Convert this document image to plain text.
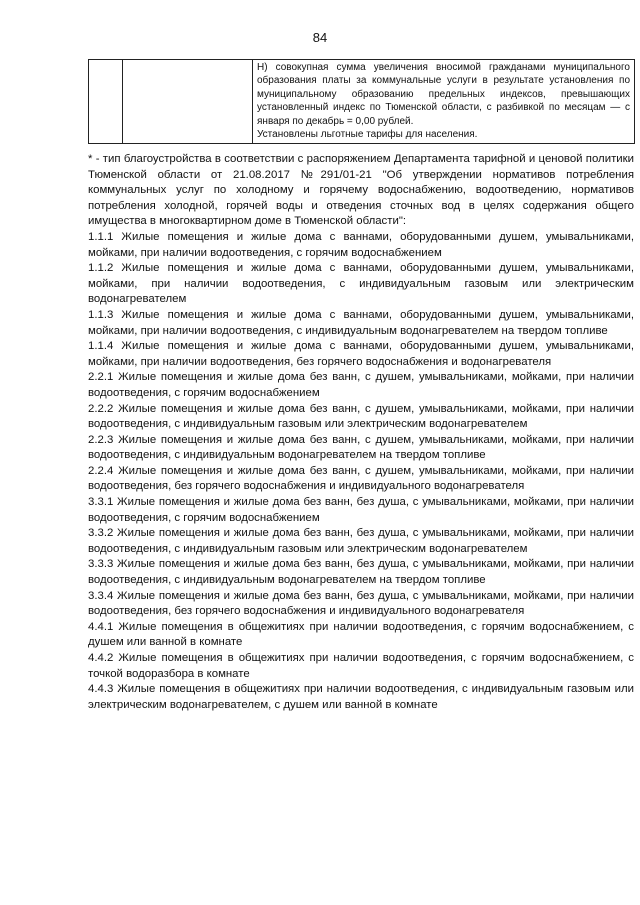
84

Н) совокупная сумма увеличения вносимой гражданами муниципального образования платы за коммунальные услуги в результате установления по муниципальному образованию предельных индексов, превышающих установленный индекс по Тюменской области, с разбивкой по месяцам — с января по декабрь = 0,00 рублей.

Установлены льготные тарифы для населения.

* - тип благоустройства в соответствии с распоряжением Департамента тарифной и ценовой политики Тюменской области от 21.08.2017 №291/01-21 "Об утверждении нормативов потребления коммунальных услуг по холодному и горячему водоснабжению, водоотведению, нормативов потребления холодной, горячей воды и отведения сточных вод в целях содержания общего имущества в многоквартирном доме в Тюменской области":

1.1.1 Жилые помещения и жилые дома с ваннами, оборудованными душем, умывальниками, мойками, при наличии водоотведения, с горячим водоснабжением

1.1.2 Жилые помещения и жилые дома с ваннами, оборудованными душем, умывальниками, мойками, при наличии водоотведения, с индивидуальным газовым или электрическим водонагревателем

1.1.3 Жилые помещения и жилые дома с ваннами, оборудованными душем, умывальниками, мойками, при наличии водоотведения, с индивидуальным водонагревателем на твердом топливе

1.1.4 Жилые помещения и жилые дома с ваннами, оборудованными душем, умывальниками, мойками, при наличии водоотведения, без горячего водоснабжения и водонагревателя

2.2.1 Жилые помещения и жилые дома без ванн, с душем, умывальниками, мойками, при наличии водоотведения, с горячим водоснабжением

2.2.2 Жилые помещения и жилые дома без ванн, с душем, умывальниками, мойками, при наличии водоотведения, с индивидуальным газовым или электрическим водонагревателем

2.2.3 Жилые помещения и жилые дома без ванн, с душем, умывальниками, мойками, при наличии водоотведения, с индивидуальным водонагревателем на твердом топливе

2.2.4 Жилые помещения и жилые дома без ванн, с душем, умывальниками, мойками, при наличии водоотведения, без горячего водоснабжения и индивидуального водонагревателя

3.3.1 Жилые помещения и жилые дома без ванн, без душа, с умывальниками, мойками, при наличии водоотведения, с горячим водоснабжением

3.3.2 Жилые помещения и жилые дома без ванн, без душа, с умывальниками, мойками, при наличии водоотведения, с индивидуальным газовым или электрическим водонагревателем

3.3.3 Жилые помещения и жилые дома без ванн, без душа, с умывальниками, мойками, при наличии водоотведения, с индивидуальным водонагревателем на твердом топливе

3.3.4 Жилые помещения и жилые дома без ванн, без душа, с умывальниками, мойками, при наличии водоотведения, без горячего водоснабжения и индивидуального водонагревателя

4.4.1 Жилые помещения в общежитиях при наличии водоотведения, с горячим водоснабжением, с душем или ванной в комнате

4.4.2 Жилые помещения в общежитиях при наличии водоотведения, с горячим водоснабжением, с точкой водоразбора в комнате

4.4.3 Жилые помещения в общежитиях при наличии водоотведения, с индивидуальным газовым или электрическим водонагревателем, с душем или ванной в комнате
